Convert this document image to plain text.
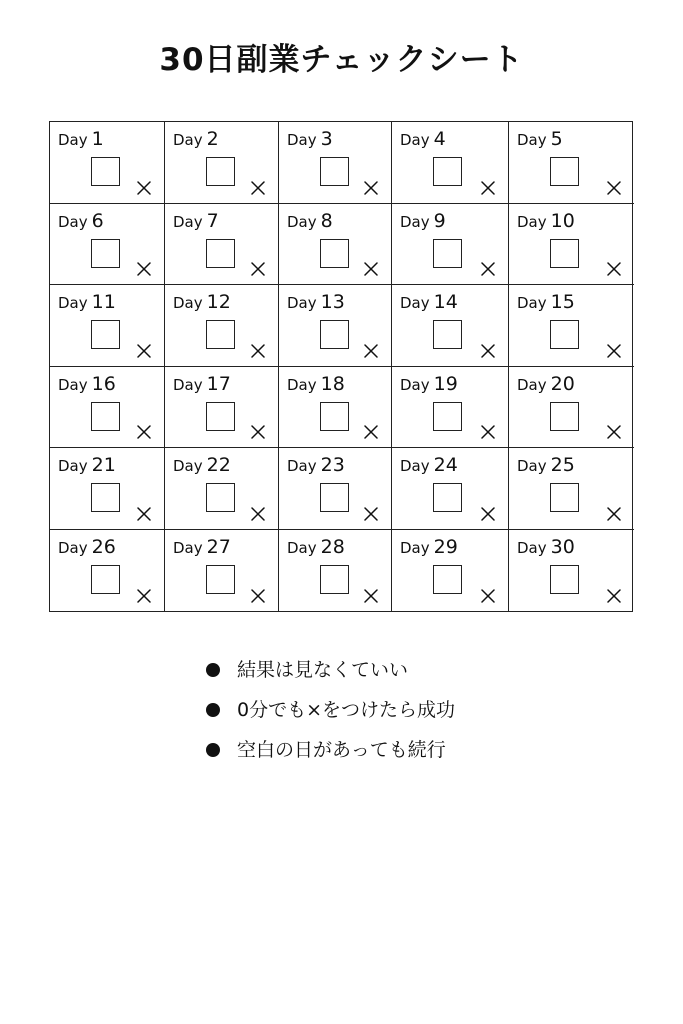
30日副業チェックシート
Day 1	Day 2	Day 3	Day 4	Day 5
Day 6	Day 7	Day 8	Day 9	Day 10
Day 11	Day 12	Day 13	Day 14	Day 15
Day 16	Day 17	Day 18	Day 19	Day 20
Day 21	Day 22	Day 23	Day 24	Day 25
Day 26	Day 27	Day 28	Day 29	Day 30
結果は見なくていい
0分でも×をつけたら成功
空白の日があっても続行
